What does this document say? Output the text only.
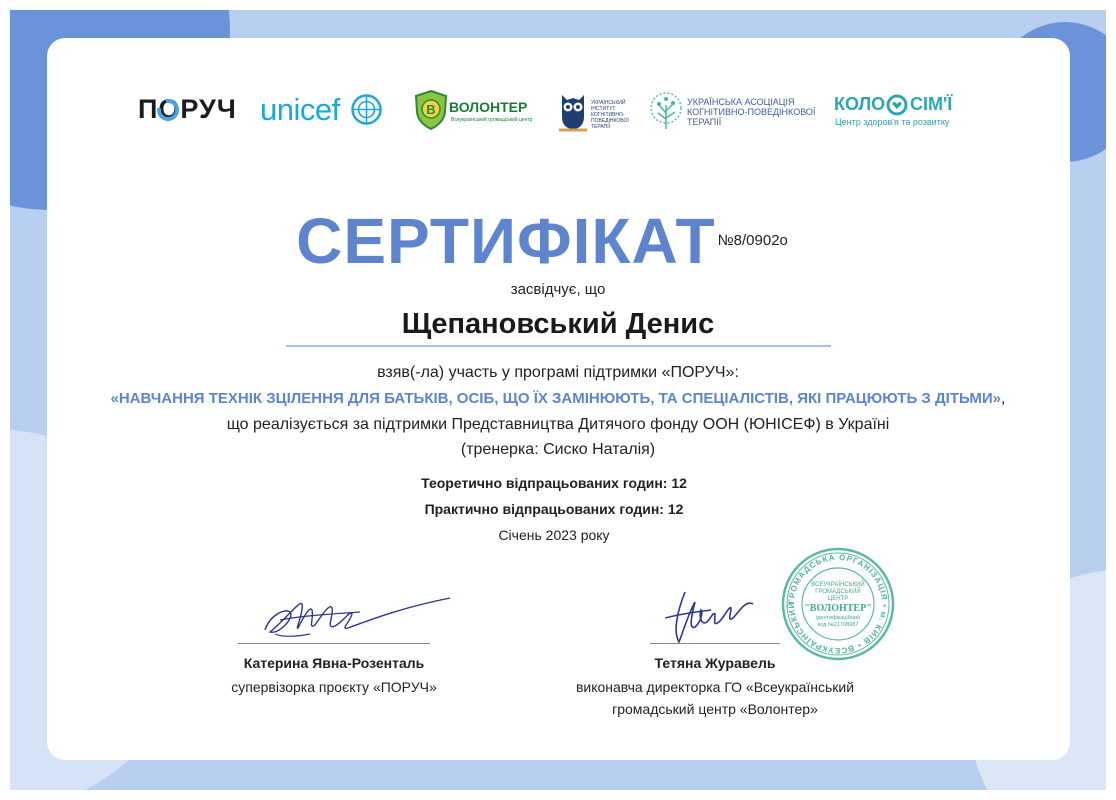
ПОРУЧ unicef	B ВОЛОНТЕР
Всеукраїнський громадський центр
УКРАЇНСЬКИЙ
ІНСТИТУТ
КОГНІТИВНО-
ПОВЕДІНКОВОЇ
ТЕРАПІЇ
УКРАЇНСЬКА АСОЦІАЦІЯ
КОГНІТИВНО-ПОВЕДІНКОВОЇ
ТЕРАПІЇ
КОЛО СІМ'Ї
Центр здоров'я та розвитку
СЕРТИФІКАТ №8/0902о
засвідчує, що
Щепановський Денис
взяв(-ла) участь у програмі підтримки «ПОРУЧ»:
«НАВЧАННЯ ТЕХНІК ЗЦІЛЕННЯ ДЛЯ БАТЬКІВ, ОСІБ, ЩО ЇХ ЗАМІНЮЮТЬ, ТА СПЕЦІАЛІСТІВ, ЯКІ ПРАЦЮЮТЬ З ДІТЬМИ»,
що реалізується за підтримки Представництва Дитячого фонду ООН (ЮНІСЕФ) в Україні
(тренерка: Сиско Наталія)
Теоретично відпрацьованих годин: 12
Практично відпрацьованих годин: 12
Січень 2023 року
Катерина Явна-Розенталь
супервізорка проєкту «ПОРУЧ»
Тетяна Журавель
виконавча директорка ГО «Всеукраїнський
громадський центр «Волонтер»
ГРОМАДСЬКА ОРГАНІЗАЦІЯ • м. КИЇВ • ВСЕУКРАЇНСЬКИЙ
ВСЕУКРАЇНСЬКИЙ
ГРОМАДСЬКИЙ
ЦЕНТР
"ВОЛОНТЕР"
ідентифікаційний
код №21708987
